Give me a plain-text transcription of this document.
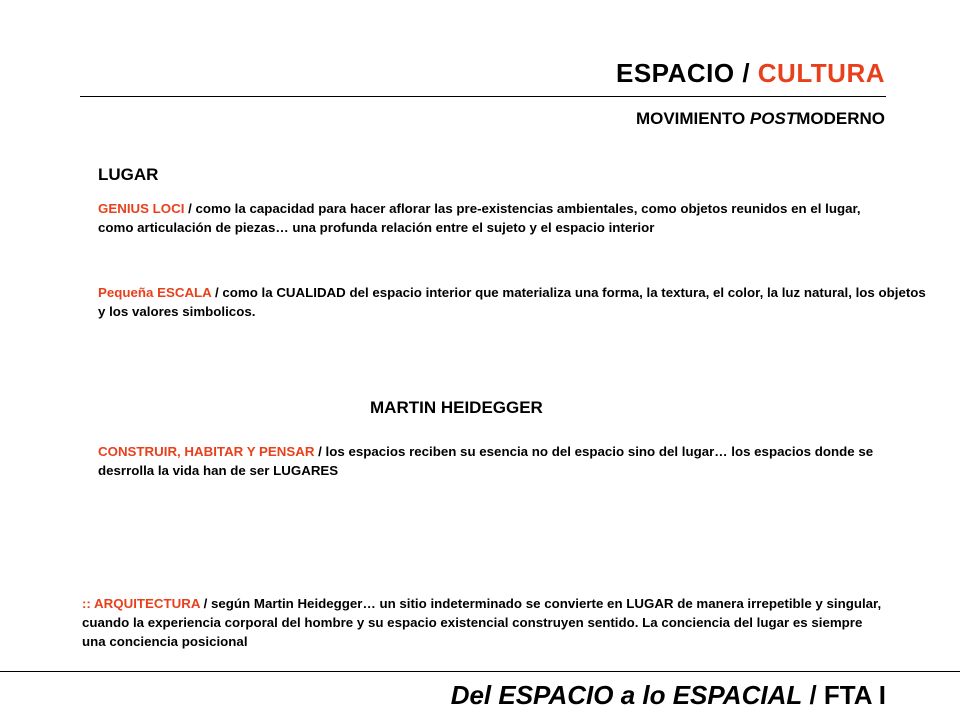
ESPACIO / CULTURA
MOVIMIENTO POSTMODERNO
LUGAR
GENIUS LOCI / como la capacidad para hacer aflorar las pre-existencias ambientales, como objetos reunidos en el lugar, como articulación de piezas… una profunda relación entre el sujeto y el espacio interior
Pequeña ESCALA / como la CUALIDAD del espacio interior que materializa una forma, la textura, el color, la luz natural, los objetos y los valores simbolicos.
MARTIN HEIDEGGER
CONSTRUIR, HABITAR Y PENSAR / los espacios reciben su esencia no del espacio sino del lugar… los espacios donde se desrrolla la vida han de ser LUGARES
:: ARQUITECTURA / según Martin Heidegger… un sitio indeterminado se convierte en LUGAR de manera irrepetible y singular, cuando la experiencia corporal del hombre y su espacio existencial construyen sentido. La conciencia del lugar es siempre una conciencia posicional
Del ESPACIO a lo ESPACIAL / FTA I
